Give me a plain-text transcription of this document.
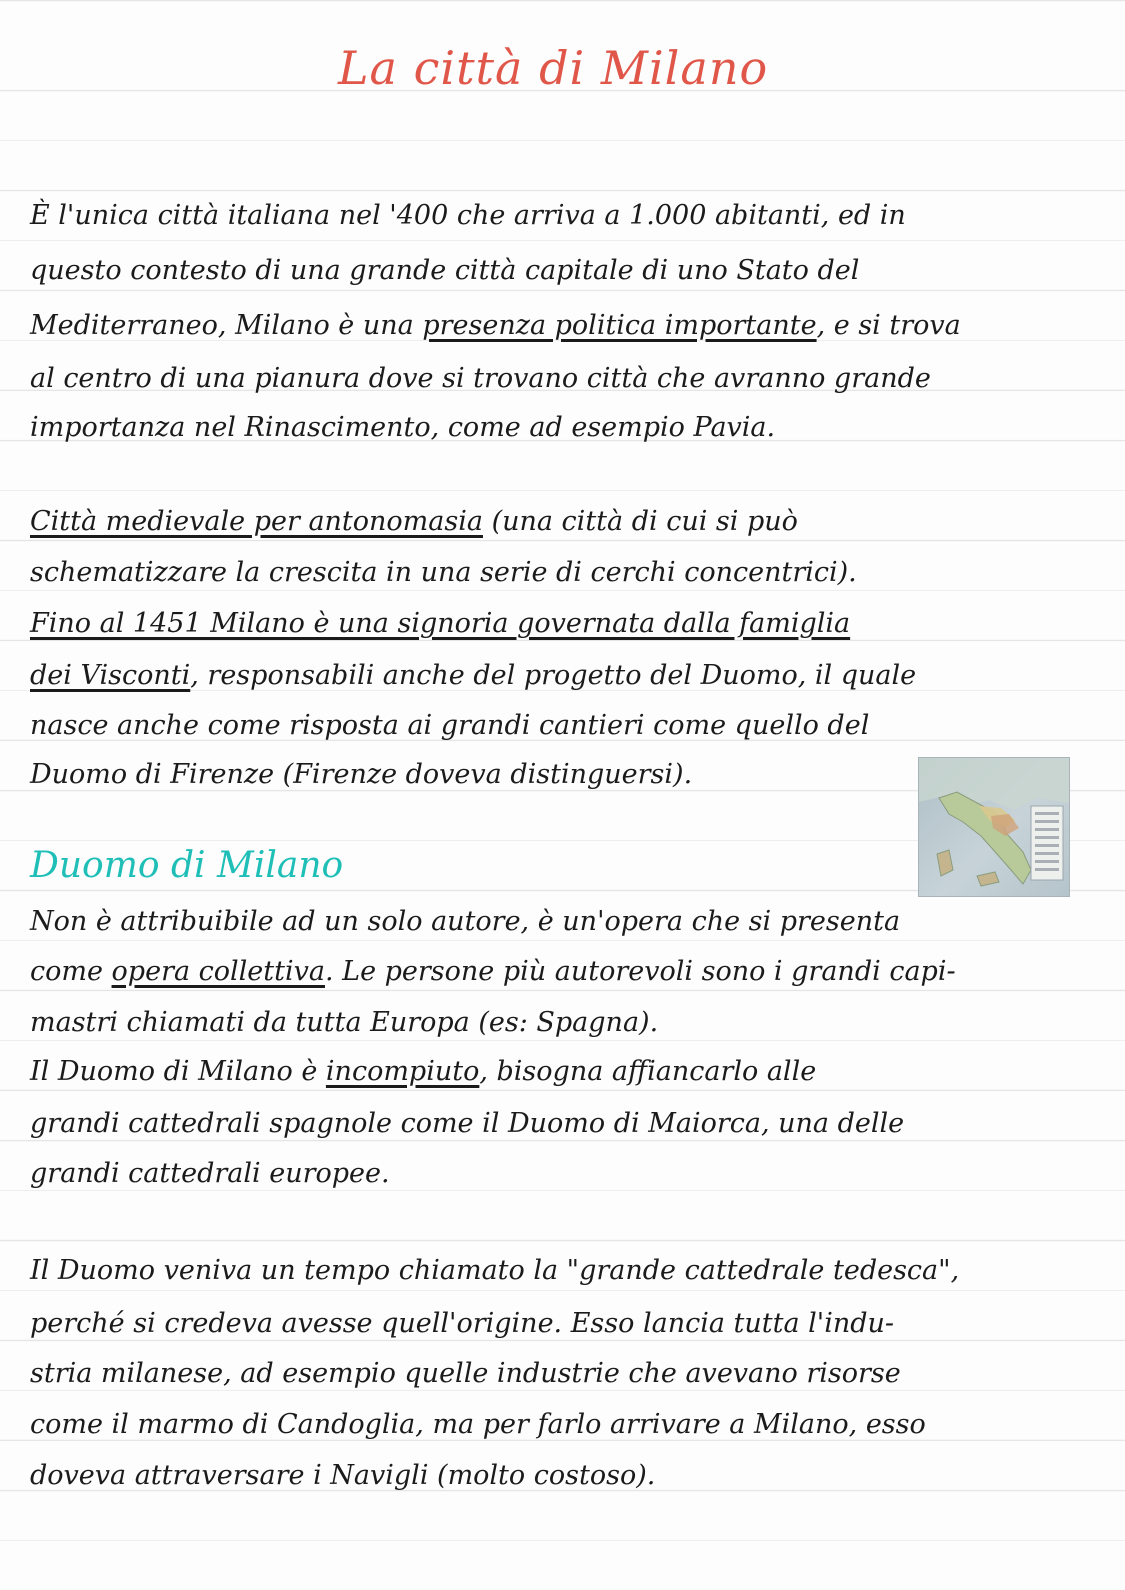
La città di Milano
È l'unica città italiana nel '400 che arriva a 1.000 abitanti, ed in
questo contesto di una grande città capitale di uno Stato del
Mediterraneo, Milano è una presenza politica importante, e si trova
al centro di una pianura dove si trovano città che avranno grande
importanza nel Rinascimento, come ad esempio Pavia.
Città medievale per antonomasia (una città di cui si può
schematizzare la crescita in una serie di cerchi concentrici).
Fino al 1451 Milano è una signoria governata dalla famiglia
dei Visconti, responsabili anche del progetto del Duomo, il quale
nasce anche come risposta ai grandi cantieri come quello del
Duomo di Firenze (Firenze doveva distinguersi).
Duomo di Milano
Non è attribuibile ad un solo autore, è un'opera che si presenta
come opera collettiva. Le persone più autorevoli sono i grandi capi-
mastri chiamati da tutta Europa (es: Spagna).
Il Duomo di Milano è incompiuto, bisogna affiancarlo alle
grandi cattedrali spagnole come il Duomo di Maiorca, una delle
grandi cattedrali europee.
Il Duomo veniva un tempo chiamato la "grande cattedrale tedesca",
perché si credeva avesse quell'origine. Esso lancia tutta l'indu-
stria milanese, ad esempio quelle industrie che avevano risorse
come il marmo di Candoglia, ma per farlo arrivare a Milano, esso
doveva attraversare i Navigli (molto costoso).
